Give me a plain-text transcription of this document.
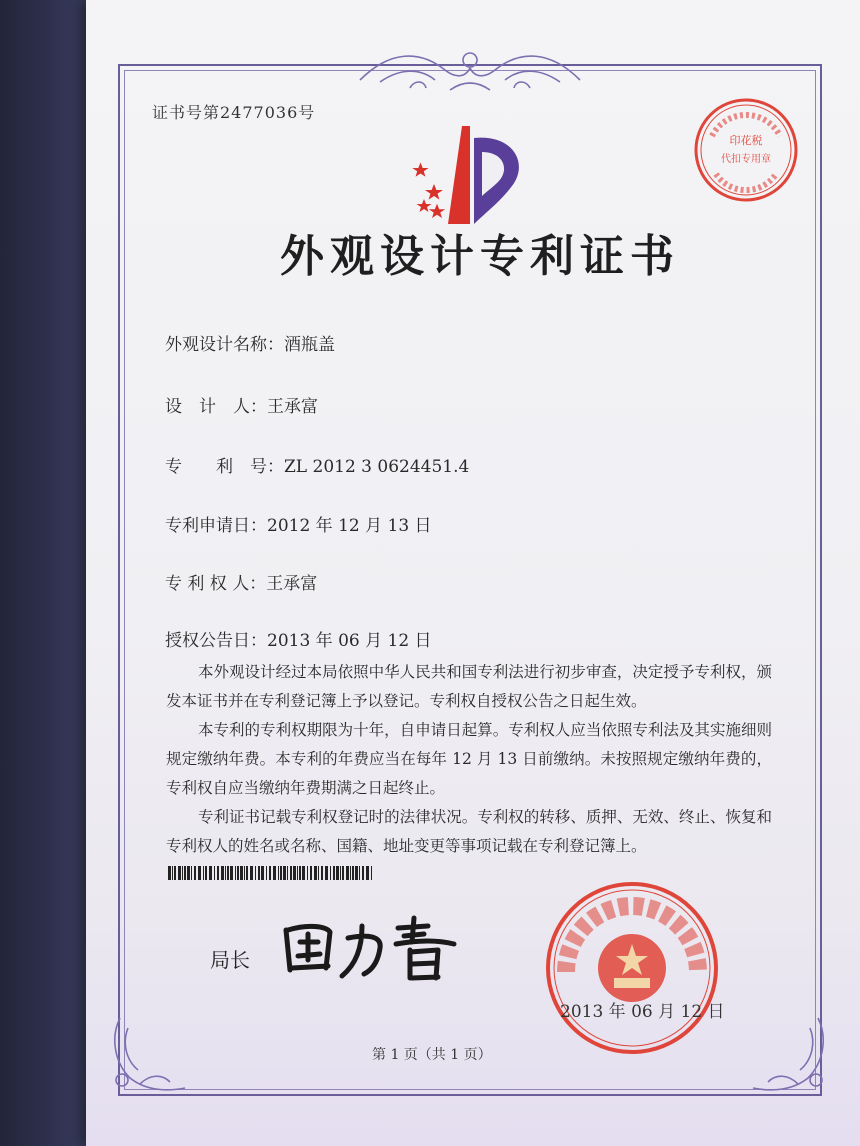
证书号第2477036号
印花税
代扣专用章
外观设计专利证书
外观设计名称：酒瓶盖
设　计　人：王承富
专　　利　号：ZL 2012 3 0624451.4
专利申请日：2012 年 12 月 13 日
专 利 权 人：王承富
授权公告日：2013 年 06 月 12 日

本外观设计经过本局依照中华人民共和国专利法进行初步审查，决定授予专利权，颁发本证书并在专利登记簿上予以登记。专利权自授权公告之日起生效。

本专利的专利权期限为十年，自申请日起算。专利权人应当依照专利法及其实施细则规定缴纳年费。本专利的年费应当在每年 12 月 13 日前缴纳。未按照规定缴纳年费的，专利权自应当缴纳年费期满之日起终止。

专利证书记载专利权登记时的法律状况。专利权的转移、质押、无效、终止、恢复和专利权人的姓名或名称、国籍、地址变更等事项记载在专利登记簿上。

局长
2013 年 06 月 12 日
第 1 页（共 1 页）
